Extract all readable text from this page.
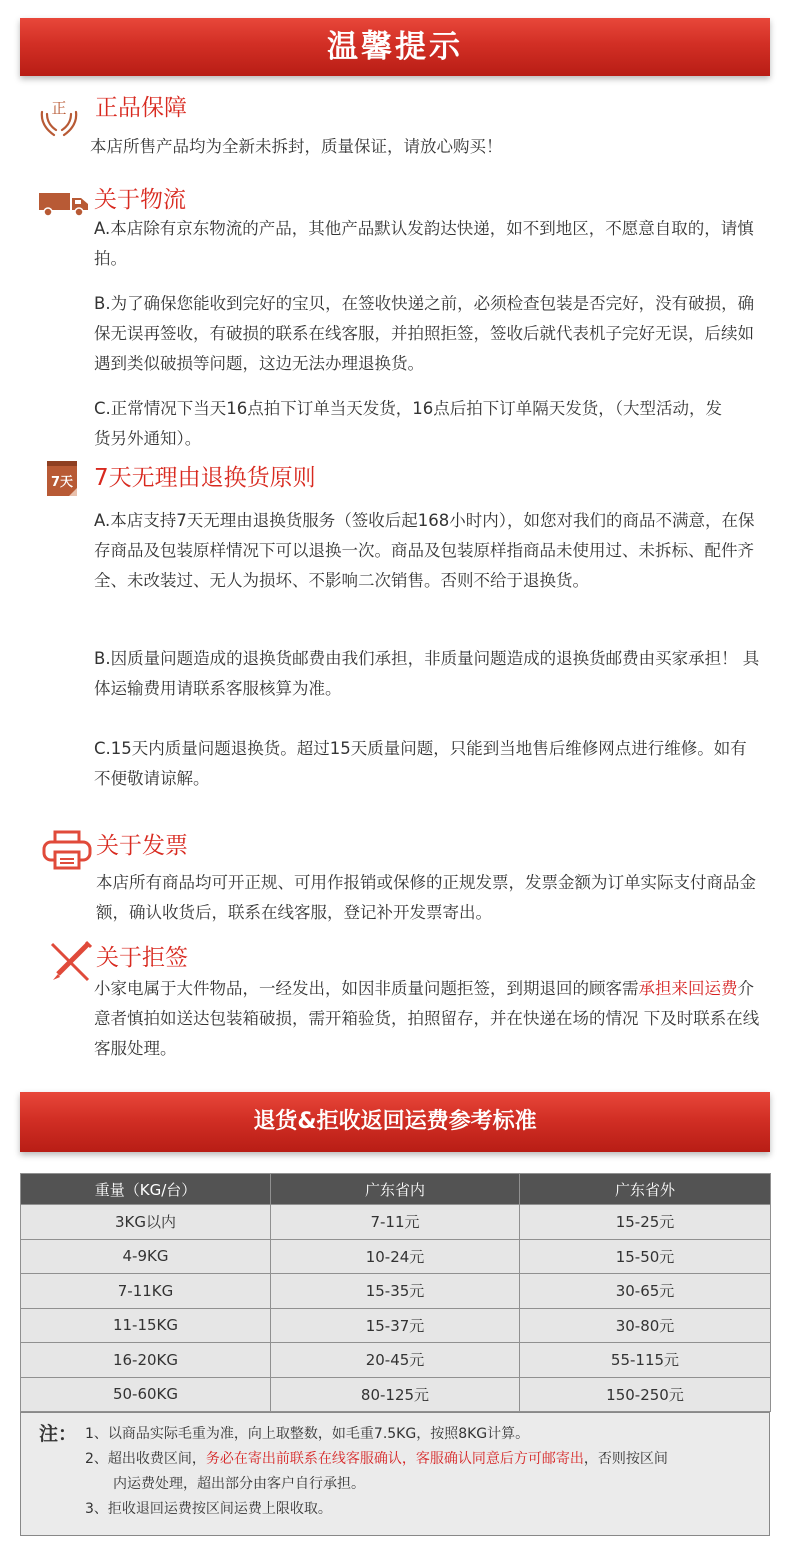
温馨提示
正 正品保障
本店所售产品均为全新未拆封，质量保证，请放心购买！
关于物流
A.本店除有京东物流的产品，其他产品默认发韵达快递，如不到地区，不愿意自取的，请慎拍。
B.为了确保您能收到完好的宝贝，在签收快递之前，必须检查包装是否完好，没有破损，确保无误再签收，有破损的联系在线客服，并拍照拒签，签收后就代表机子完好无误，后续如遇到类似破损等问题，这边无法办理退换货。
C.正常情况下当天16点拍下订单当天发货，16点后拍下订单隔天发货，（大型活动，发货另外通知）。
7天 7天无理由退换货原则
A.本店支持7天无理由退换货服务（签收后起168小时内），如您对我们的商品不满意，在保存商品及包装原样情况下可以退换一次。商品及包装原样指商品未使用过、未拆标、配件齐全、未改装过、无人为损坏、不影响二次销售。否则不给于退换货。
B.因质量问题造成的退换货邮费由我们承担，非质量问题造成的退换货邮费由买家承担！ 具体运输费用请联系客服核算为准。
C.15天内质量问题退换货。超过15天质量问题，只能到当地售后维修网点进行维修。如有不便敬请谅解。
关于发票
本店所有商品均可开正规、可用作报销或保修的正规发票，发票金额为订单实际支付商品金额，确认收货后，联系在线客服，登记补开发票寄出。
关于拒签
小家电属于大件物品，一经发出，如因非质量问题拒签，到期退回的顾客需承担来回运费介意者慎拍如送达包装箱破损，需开箱验货，拍照留存，并在快递在场的情况 下及时联系在线客服处理。
退货&拒收返回运费参考标准
重量（KG/台）	广东省内	广东省外
3KG以内	7-11元	15-25元
4-9KG	10-24元	15-50元
7-11KG	15-35元	30-65元
11-15KG	15-37元	30-80元
16-20KG	20-45元	55-115元
50-60KG	80-125元	150-250元
注： 1、以商品实际毛重为准，向上取整数，如毛重7.5KG，按照8KG计算。
2、超出收费区间，务必在寄出前联系在线客服确认，客服确认同意后方可邮寄出，否则按区间
内运费处理，超出部分由客户自行承担。
3、拒收退回运费按区间运费上限收取。
